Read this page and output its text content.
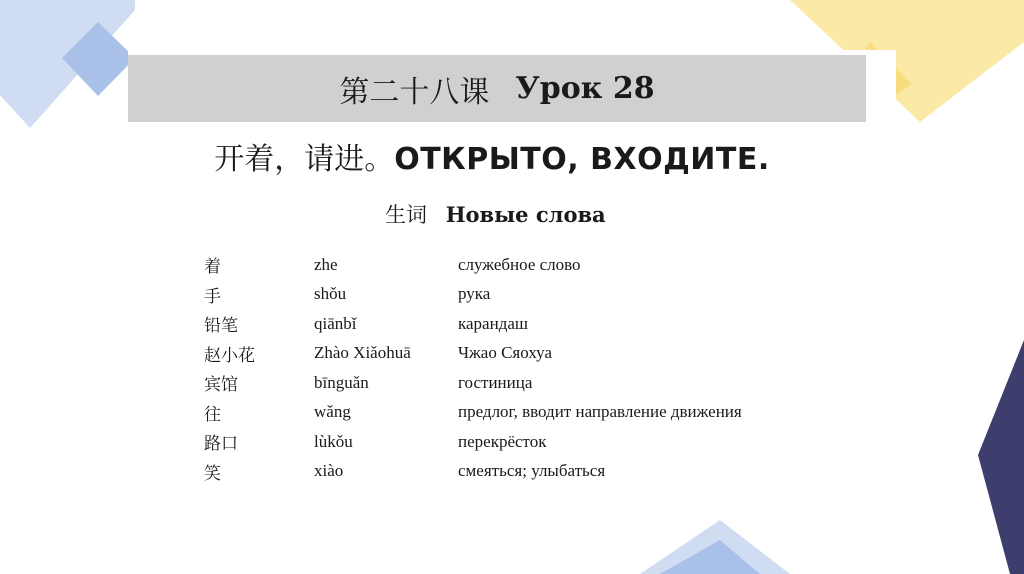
第二十八课 Урок 28
开着，请进。ОТКРЫТО, ВХОДИТЕ.
生词 Новые слова
着	zhe	служебное слово
手	shǒu	рука
铅笔	qiānbǐ	карандаш
赵小花	Zhào Xiǎohuā	Чжао Сяохуа
宾馆	bīnguǎn	гостиница
往	wǎng	предлог, вводит направление движения
路口	lùkǒu	перекрёсток
笑	xiào	смеяться; улыбаться
